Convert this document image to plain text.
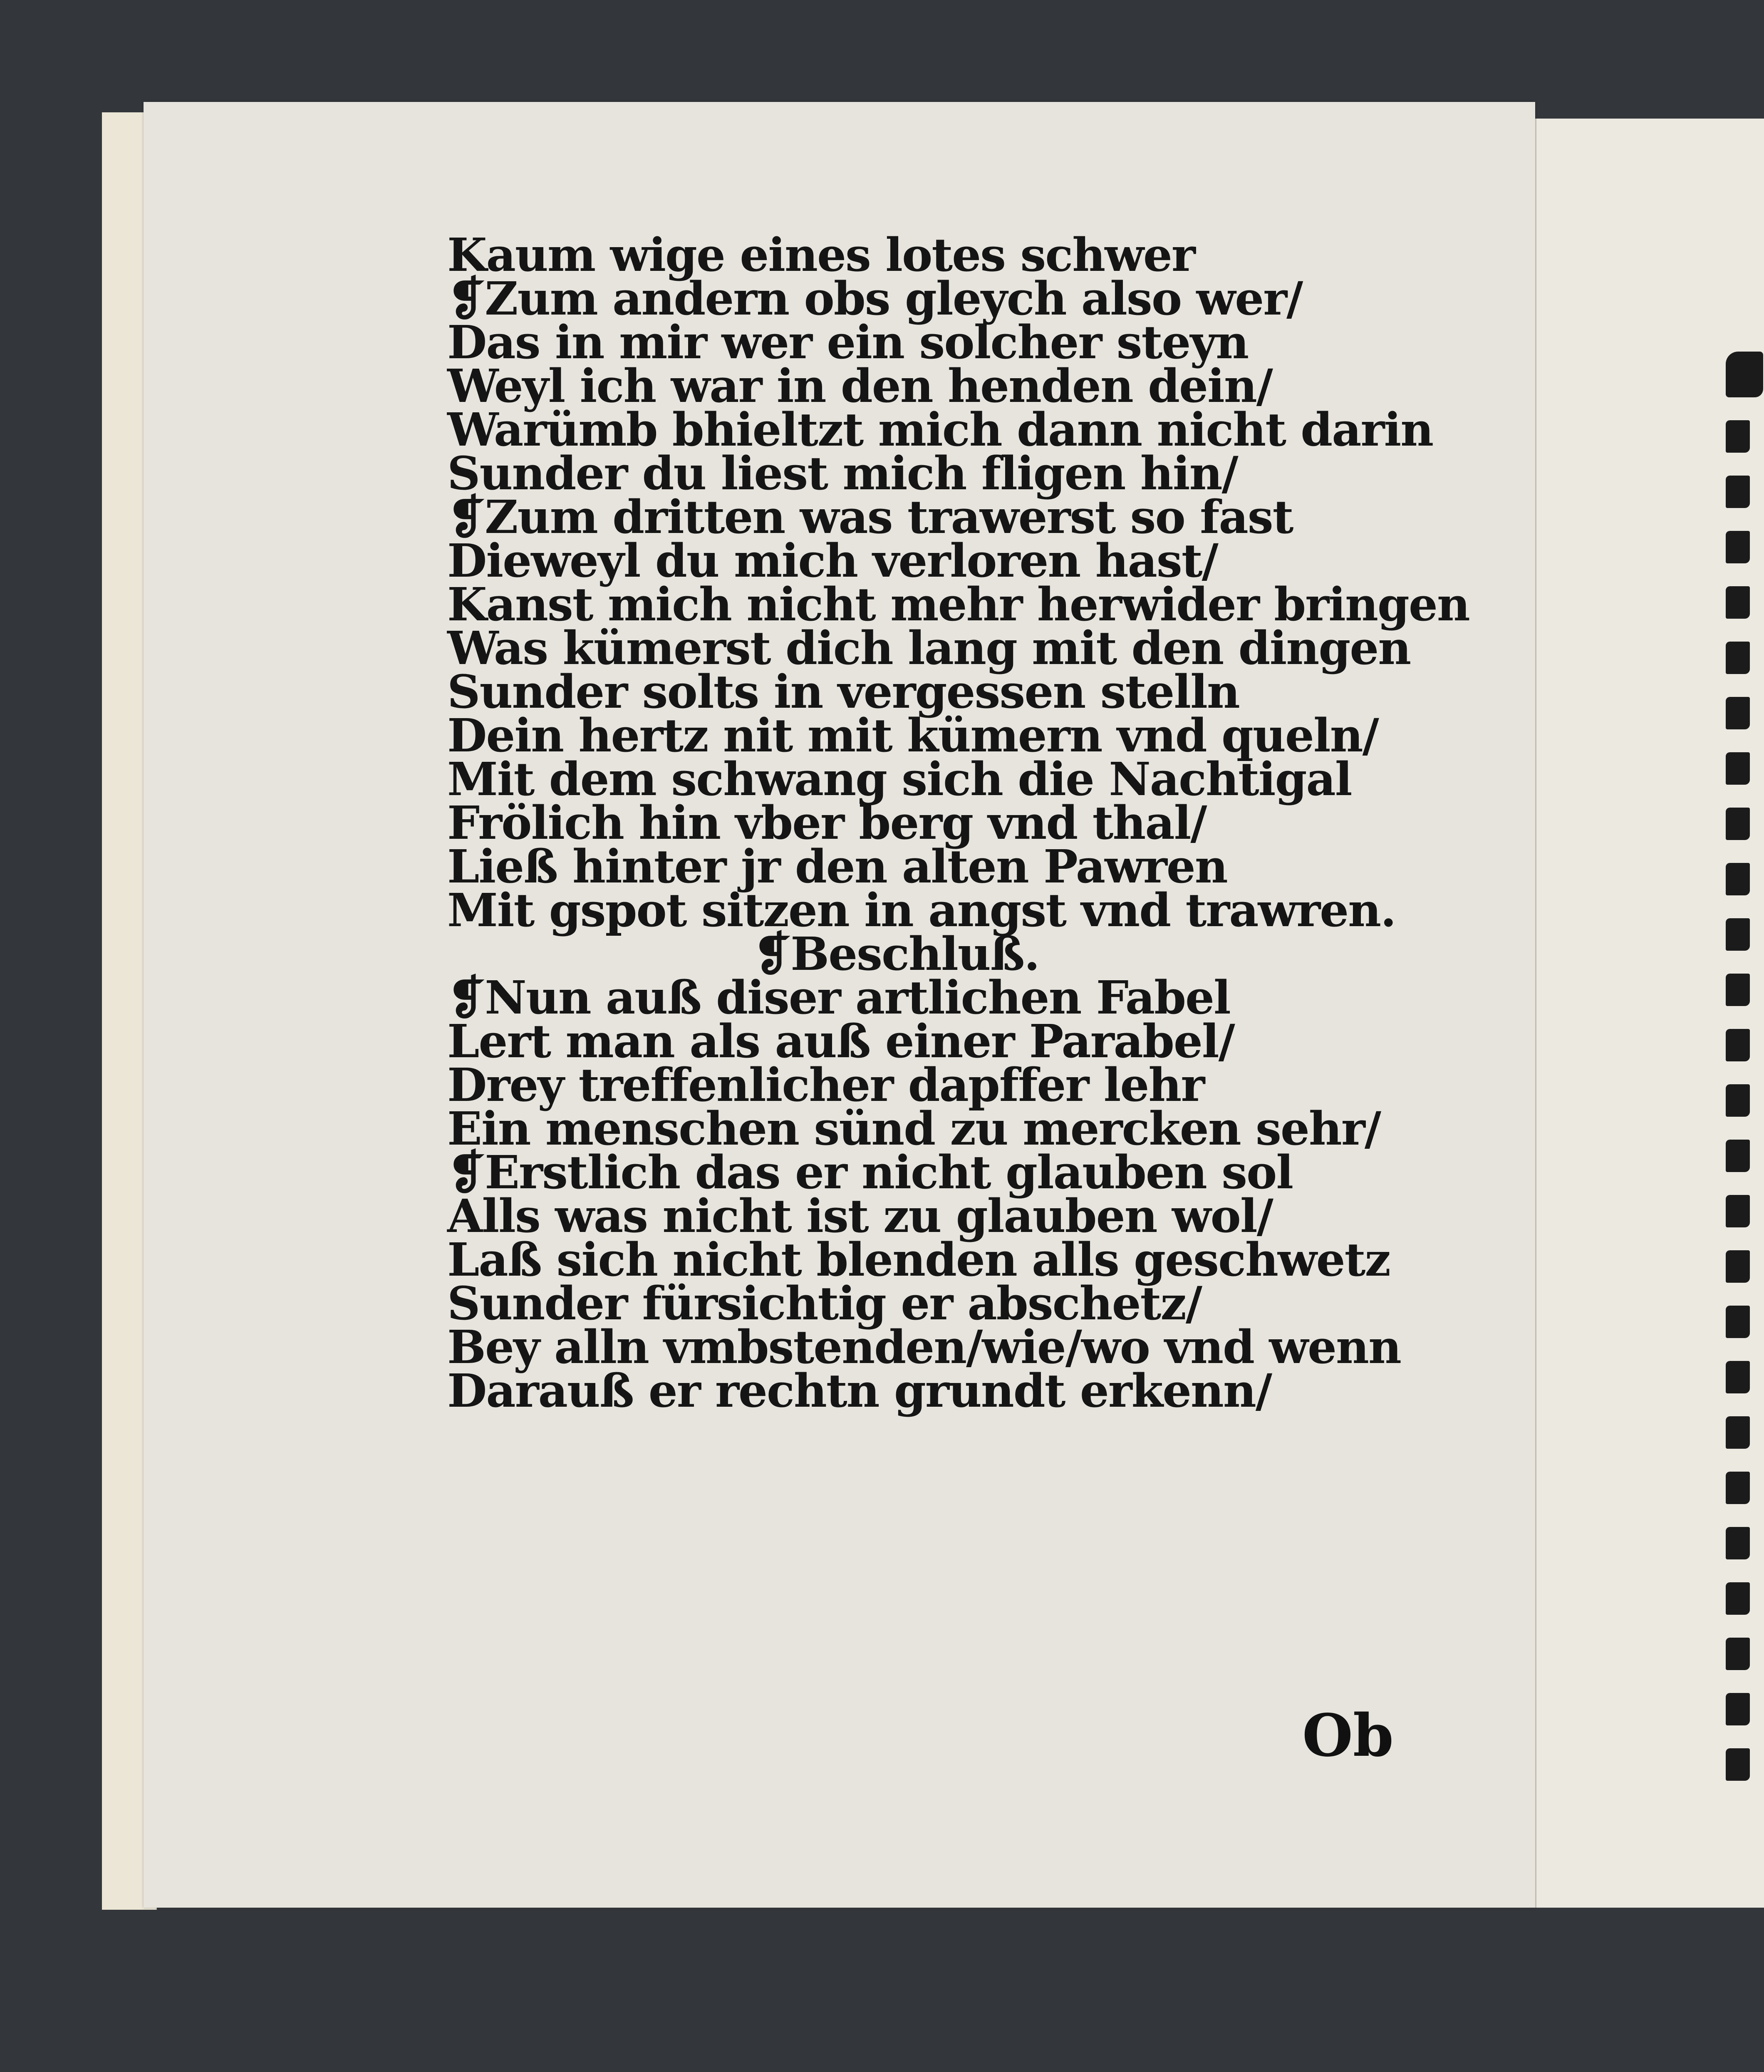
Kaum wige eines lotes schwer
❡Zum andern obs gleych also wer/
Das in mir wer ein solcher steyn
Weyl ich war in den henden dein/
Warümb bhieltzt mich dann nicht darin
Sunder du liest mich fligen hin/
❡Zum dritten was trawerst so fast
Dieweyl du mich verloren hast/
Kanst mich nicht mehr herwider bringen
Was kümerst dich lang mit den dingen
Sunder solts in vergessen stelln
Dein hertz nit mit kümern vnd queln/
Mit dem schwang sich die Nachtigal
Frölich hin vber berg vnd thal/
Ließ hinter jr den alten Pawren
Mit gspot sitzen in angst vnd trawren.
❡Beschluß.
❡Nun auß diser artlichen Fabel
Lert man als auß einer Parabel/
Drey treffenlicher dapffer lehr
Ein menschen sünd zu mercken sehr/
❡Erstlich das er nicht glauben sol
Alls was nicht ist zu glauben wol/
Laß sich nicht blenden alls geschwetz
Sunder fürsichtig er abschetz/
Bey alln vmbstenden/wie/wo vnd wenn
Darauß er rechtn grundt erkenn/
Ob
